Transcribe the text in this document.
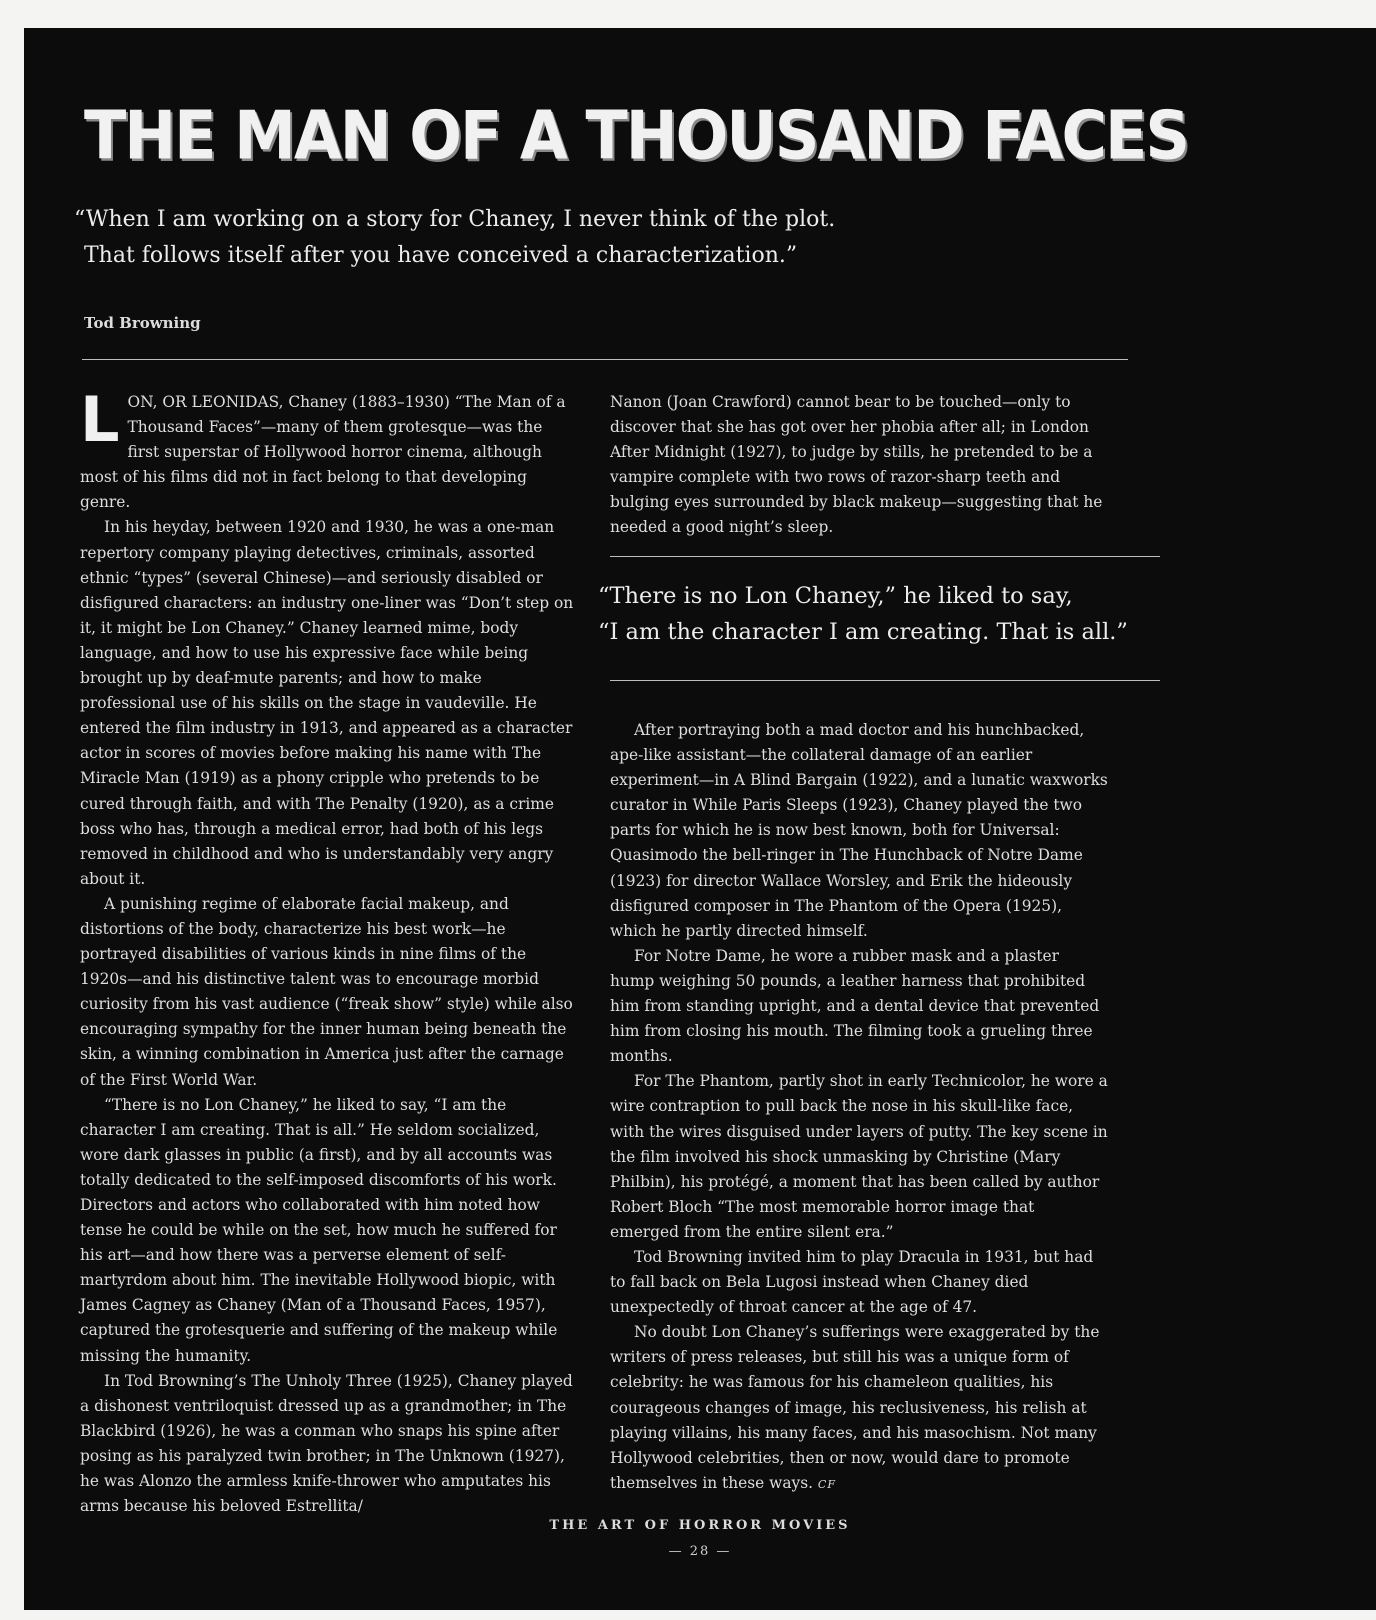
THE MAN OF A THOUSAND FACES
“When I am working on a story for Chaney, I never think of the plot.
That follows itself after you have conceived a characterization.”
Tod Browning

L ON, OR LEONIDAS, Chaney (1883–1930) “The Man of a Thousand Faces”—many of them grotesque—was the first superstar of Hollywood horror cinema, although most of his films did not in fact belong to that developing genre.

In his heyday, between 1920 and 1930, he was a one-man repertory company playing detectives, criminals, assorted ethnic “types” (several Chinese)—and seriously disabled or disfigured characters: an industry one-liner was “Don’t step on it, it might be Lon Chaney.” Chaney learned mime, body language, and how to use his expressive face while being brought up by deaf-mute parents; and how to make professional use of his skills on the stage in vaudeville. He entered the film industry in 1913, and appeared as a character actor in scores of movies before making his name with The Miracle Man (1919) as a phony cripple who pretends to be cured through faith, and with The Penalty (1920), as a crime boss who has, through a medical error, had both of his legs removed in childhood and who is understandably very angry about it.

A punishing regime of elaborate facial makeup, and distortions of the body, characterize his best work—he portrayed disabilities of various kinds in nine films of the 1920s—and his distinctive talent was to encourage morbid curiosity from his vast audience (“freak show” style) while also encouraging sympathy for the inner human being beneath the skin, a winning combination in America just after the carnage of the First World War.

“There is no Lon Chaney,” he liked to say, “I am the character I am creating. That is all.” He seldom socialized, wore dark glasses in public (a first), and by all accounts was totally dedicated to the self-imposed discomforts of his work. Directors and actors who collaborated with him noted how tense he could be while on the set, how much he suffered for his art—and how there was a perverse element of self-martyrdom about him. The inevitable Hollywood biopic, with James Cagney as Chaney (Man of a Thousand Faces, 1957), captured the grotesquerie and suffering of the makeup while missing the humanity.

In Tod Browning’s The Unholy Three (1925), Chaney played a dishonest ventriloquist dressed up as a grandmother; in The Blackbird (1926), he was a conman who snaps his spine after posing as his paralyzed twin brother; in The Unknown (1927), he was Alonzo the armless knife-thrower who amputates his arms because his beloved Estrellita/

Nanon (Joan Crawford) cannot bear to be touched—only to discover that she has got over her phobia after all; in London After Midnight (1927), to judge by stills, he pretended to be a vampire complete with two rows of razor-sharp teeth and bulging eyes surrounded by black makeup—suggesting that he needed a good night’s sleep.

“There is no Lon Chaney,” he liked to say,
“I am the character I am creating. That is all.”

After portraying both a mad doctor and his hunchbacked, ape-like assistant—the collateral damage of an earlier experiment—in A Blind Bargain (1922), and a lunatic waxworks curator in While Paris Sleeps (1923), Chaney played the two parts for which he is now best known, both for Universal: Quasimodo the bell-ringer in The Hunchback of Notre Dame (1923) for director Wallace Worsley, and Erik the hideously disfigured composer in The Phantom of the Opera (1925), which he partly directed himself.

For Notre Dame, he wore a rubber mask and a plaster hump weighing 50 pounds, a leather harness that prohibited him from standing upright, and a dental device that prevented him from closing his mouth. The filming took a grueling three months.

For The Phantom, partly shot in early Technicolor, he wore a wire contraption to pull back the nose in his skull-like face, with the wires disguised under layers of putty. The key scene in the film involved his shock unmasking by Christine (Mary Philbin), his protégé, a moment that has been called by author Robert Bloch “The most memorable horror image that emerged from the entire silent era.”

Tod Browning invited him to play Dracula in 1931, but had to fall back on Bela Lugosi instead when Chaney died unexpectedly of throat cancer at the age of 47.

No doubt Lon Chaney’s sufferings were exaggerated by the writers of press releases, but still his was a unique form of celebrity: he was famous for his chameleon qualities, his courageous changes of image, his reclusiveness, his relish at playing villains, his many faces, and his masochism. Not many Hollywood celebrities, then or now, would dare to promote themselves in these ways. CF

THE ART OF HORROR MOVIES
— 28 —
